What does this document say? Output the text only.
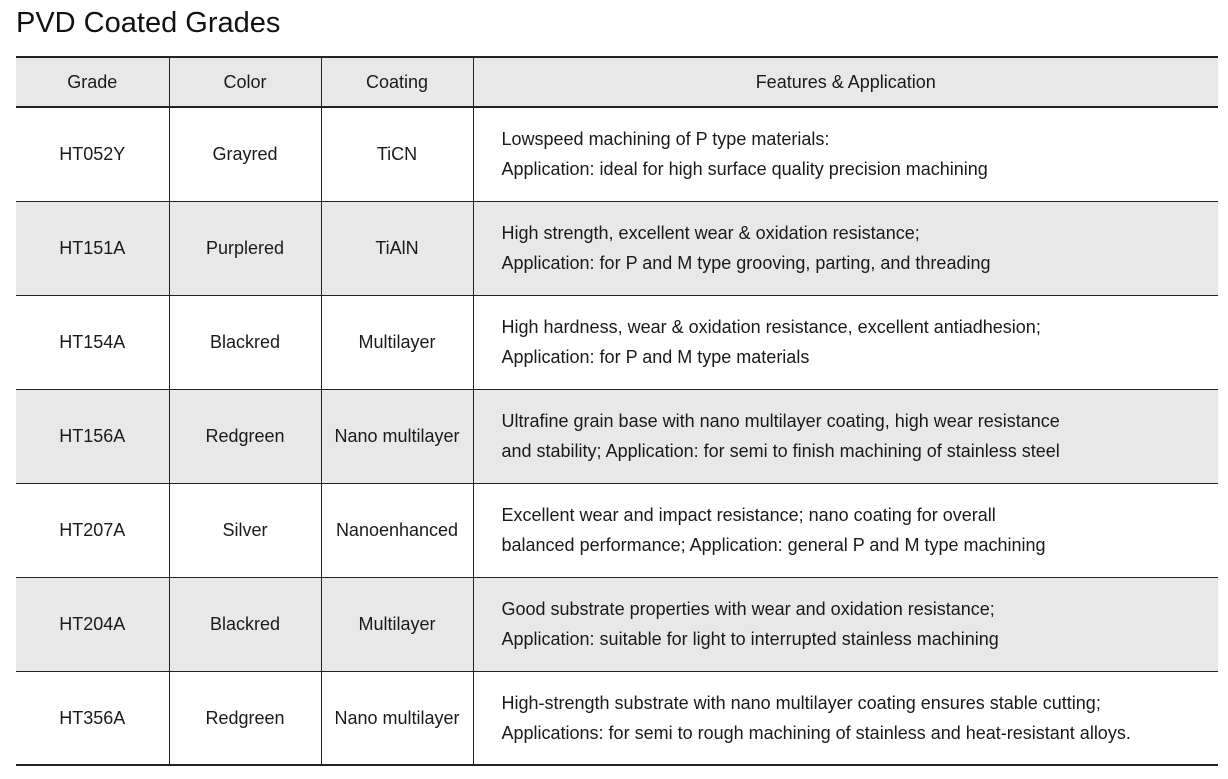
PVD Coated Grades
Grade	Color	Coating	Features & Application
HT052Y	Grayred	TiCN	Lowspeed machining of P type materials:
Application: ideal for high surface quality precision machining

HT151A	Purplered	TiAlN	High strength, excellent wear & oxidation resistance;
Application: for P and M type grooving, parting, and threading

HT154A	Blackred	Multilayer	High hardness, wear & oxidation resistance, excellent antiadhesion;
Application: for P and M type materials

HT156A	Redgreen	Nano multilayer	Ultrafine grain base with nano multilayer coating, high wear resistance
and stability; Application: for semi to finish machining of stainless steel

HT207A	Silver	Nanoenhanced	Excellent wear and impact resistance; nano coating for overall
balanced performance; Application: general P and M type machining

HT204A	Blackred	Multilayer	Good substrate properties with wear and oxidation resistance;
Application: suitable for light to interrupted stainless machining

HT356A	Redgreen	Nano multilayer	High-strength substrate with nano multilayer coating ensures stable cutting;
Applications: for semi to rough machining of stainless and heat-resistant alloys.
